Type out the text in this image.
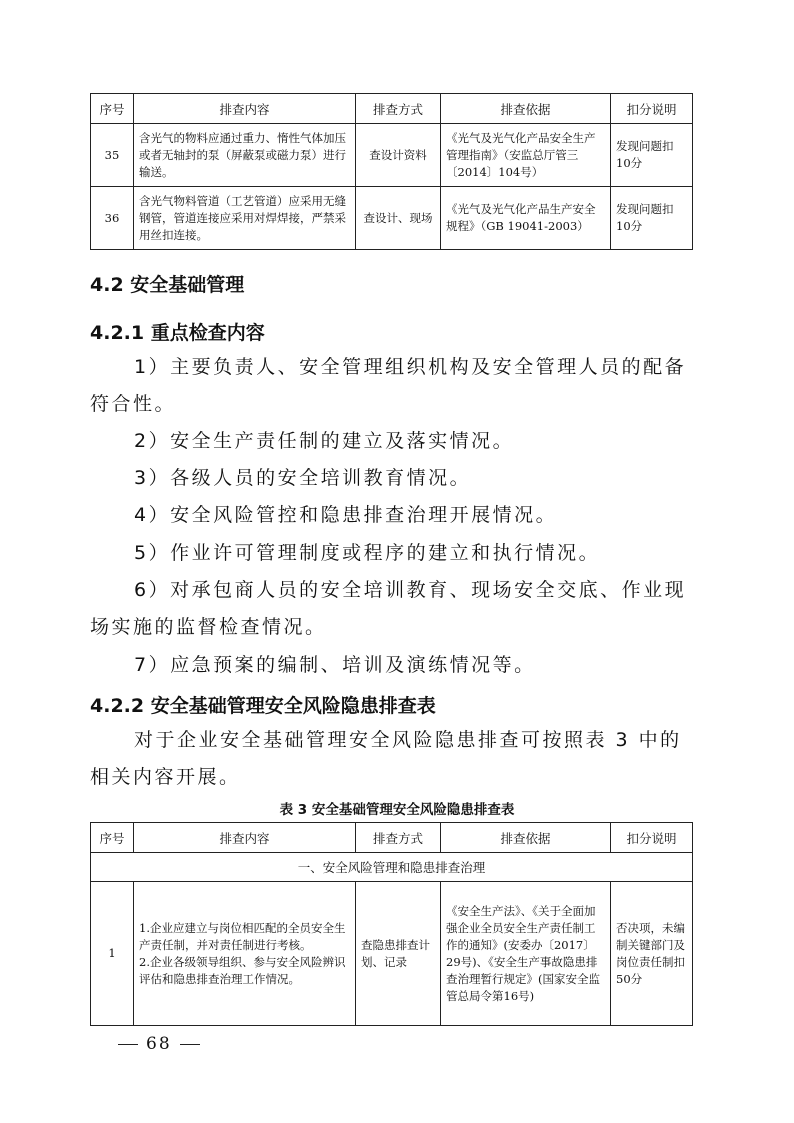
序号	排查内容	排查方式	排查依据	扣分说明
35	含光气的物料应通过重力、惰性气体加压或者无轴封的泵（屏蔽泵或磁力泵）进行输送。	查设计资料	《光气及光气化产品安全生产管理指南》（安监总厅管三〔2014〕104号）	发现问题扣10分
36	含光气物料管道（工艺管道）应采用无缝钢管，管道连接应采用对焊焊接，严禁采用丝扣连接。	查设计、现场	《光气及光气化产品生产安全规程》（GB 19041-2003）	发现问题扣10分
4.2 安全基础管理
4.2.1 重点检查内容
1）主要负责人、安全管理组织机构及安全管理人员的配备符合性。
2）安全生产责任制的建立及落实情况。
3）各级人员的安全培训教育情况。
4）安全风险管控和隐患排查治理开展情况。
5）作业许可管理制度或程序的建立和执行情况。
6）对承包商人员的安全培训教育、现场安全交底、作业现场实施的监督检查情况。
7）应急预案的编制、培训及演练情况等。
4.2.2 安全基础管理安全风险隐患排查表
对于企业安全基础管理安全风险隐患排查可按照表 3 中的相关内容开展。
表 3 安全基础管理安全风险隐患排查表
序号	排查内容	排查方式	排查依据	扣分说明
一、安全风险管理和隐患排查治理				
1	1.企业应建立与岗位相匹配的全员安全生产责任制，并对责任制进行考核。
2.企业各级领导组织、参与安全风险辨识评估和隐患排查治理工作情况。	查隐患排查计划、记录	《安全生产法》、《关于全面加强企业全员安全生产责任制工作的通知》(安委办〔2017〕29号)、《安全生产事故隐患排查治理暂行规定》(国家安全监管总局令第16号)	否决项，未编制关键部门及岗位责任制扣50分
68
